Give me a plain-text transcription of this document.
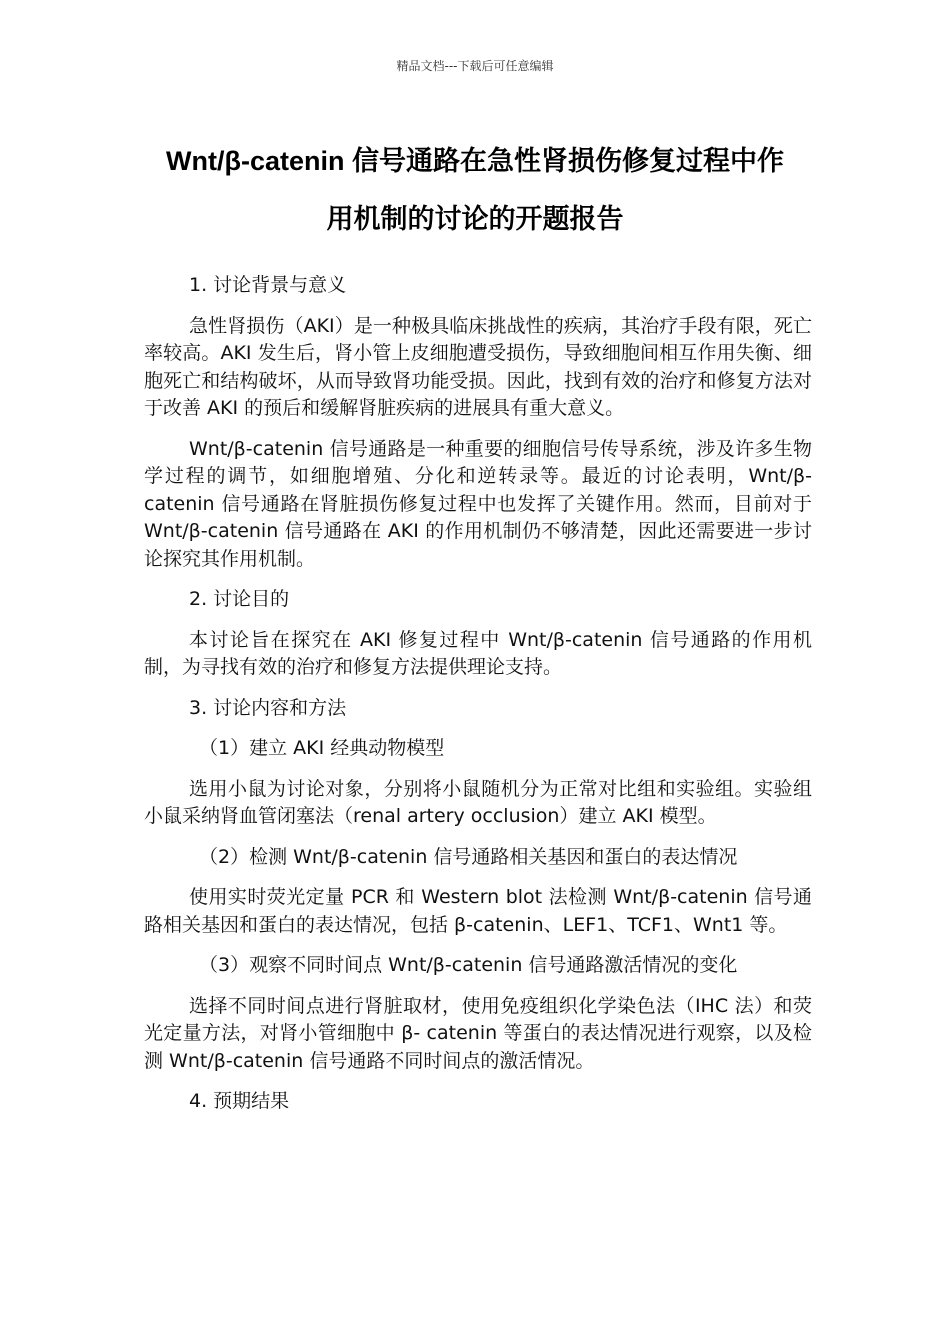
精品文档---下载后可任意编辑
Wnt/β-catenin 信号通路在急性肾损伤修复过程中作
用机制的讨论的开题报告

1. 讨论背景与意义

急性肾损伤（AKI）是一种极具临床挑战性的疾病，其治疗手段有限，死亡率较高。AKI 发生后，肾小管上皮细胞遭受损伤，导致细胞间相互作用失衡、细胞死亡和结构破坏，从而导致肾功能受损。因此，找到有效的治疗和修复方法对于改善 AKI 的预后和缓解肾脏疾病的进展具有重大意义。

Wnt/β-catenin 信号通路是一种重要的细胞信号传导系统，涉及许多生物学过程的调节，如细胞增殖、分化和逆转录等。最近的讨论表明，Wnt/β-catenin 信号通路在肾脏损伤修复过程中也发挥了关键作用。然而，目前对于 Wnt/β-catenin 信号通路在 AKI 的作用机制仍不够清楚，因此还需要进一步讨论探究其作用机制。

2. 讨论目的

本讨论旨在探究在 AKI 修复过程中 Wnt/β-catenin 信号通路的作用机制，为寻找有效的治疗和修复方法提供理论支持。

3. 讨论内容和方法

（1）建立 AKI 经典动物模型

选用小鼠为讨论对象，分别将小鼠随机分为正常对比组和实验组。实验组小鼠采纳肾血管闭塞法（renal artery occlusion）建立 AKI 模型。

（2）检测 Wnt/β-catenin 信号通路相关基因和蛋白的表达情况

使用实时荧光定量 PCR 和 Western blot 法检测 Wnt/β-catenin 信号通路相关基因和蛋白的表达情况，包括 β-catenin、LEF1、TCF1、Wnt1 等。

（3）观察不同时间点 Wnt/β-catenin 信号通路激活情况的变化

选择不同时间点进行肾脏取材，使用免疫组织化学染色法（IHC 法）和荧光定量方法，对肾小管细胞中 β- catenin 等蛋白的表达情况进行观察，以及检测 Wnt/β-catenin 信号通路不同时间点的激活情况。

4. 预期结果
